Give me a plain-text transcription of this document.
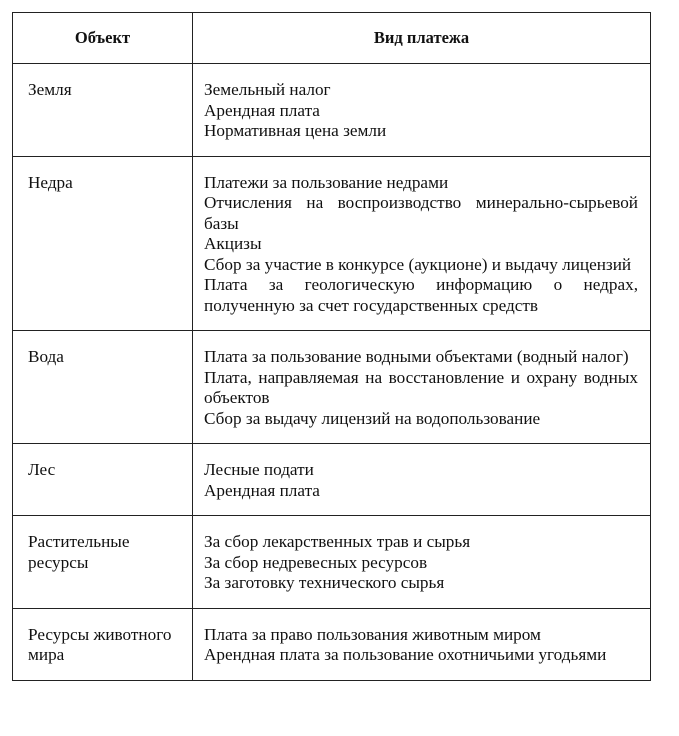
Объект	Вид платежа
Земля	Земельный налог
Арендная плата
Нормативная цена земли

Недра	Платежи за пользование недрами
Отчисления на воспроизводство минерально-сырьевой базы
Акцизы
Сбор за участие в конкурсе (аукционе) и выдачу лицензий
Плата за геологическую информацию о недрах, полученную за счет государственных средств

Вода	Плата за пользование водными объектами (водный налог)
Плата, направляемая на восстановление и охрану водных объектов
Сбор за выдачу лицензий на водопользование

Лес	Лесные подати
Арендная плата

Растительные ресурсы	За сбор лекарственных трав и сырья
За сбор недревесных ресурсов
За заготовку технического сырья

Ресурсы животного мира	Плата за право пользования животным миром
Арендная плата за пользование охотничьими угодьями
